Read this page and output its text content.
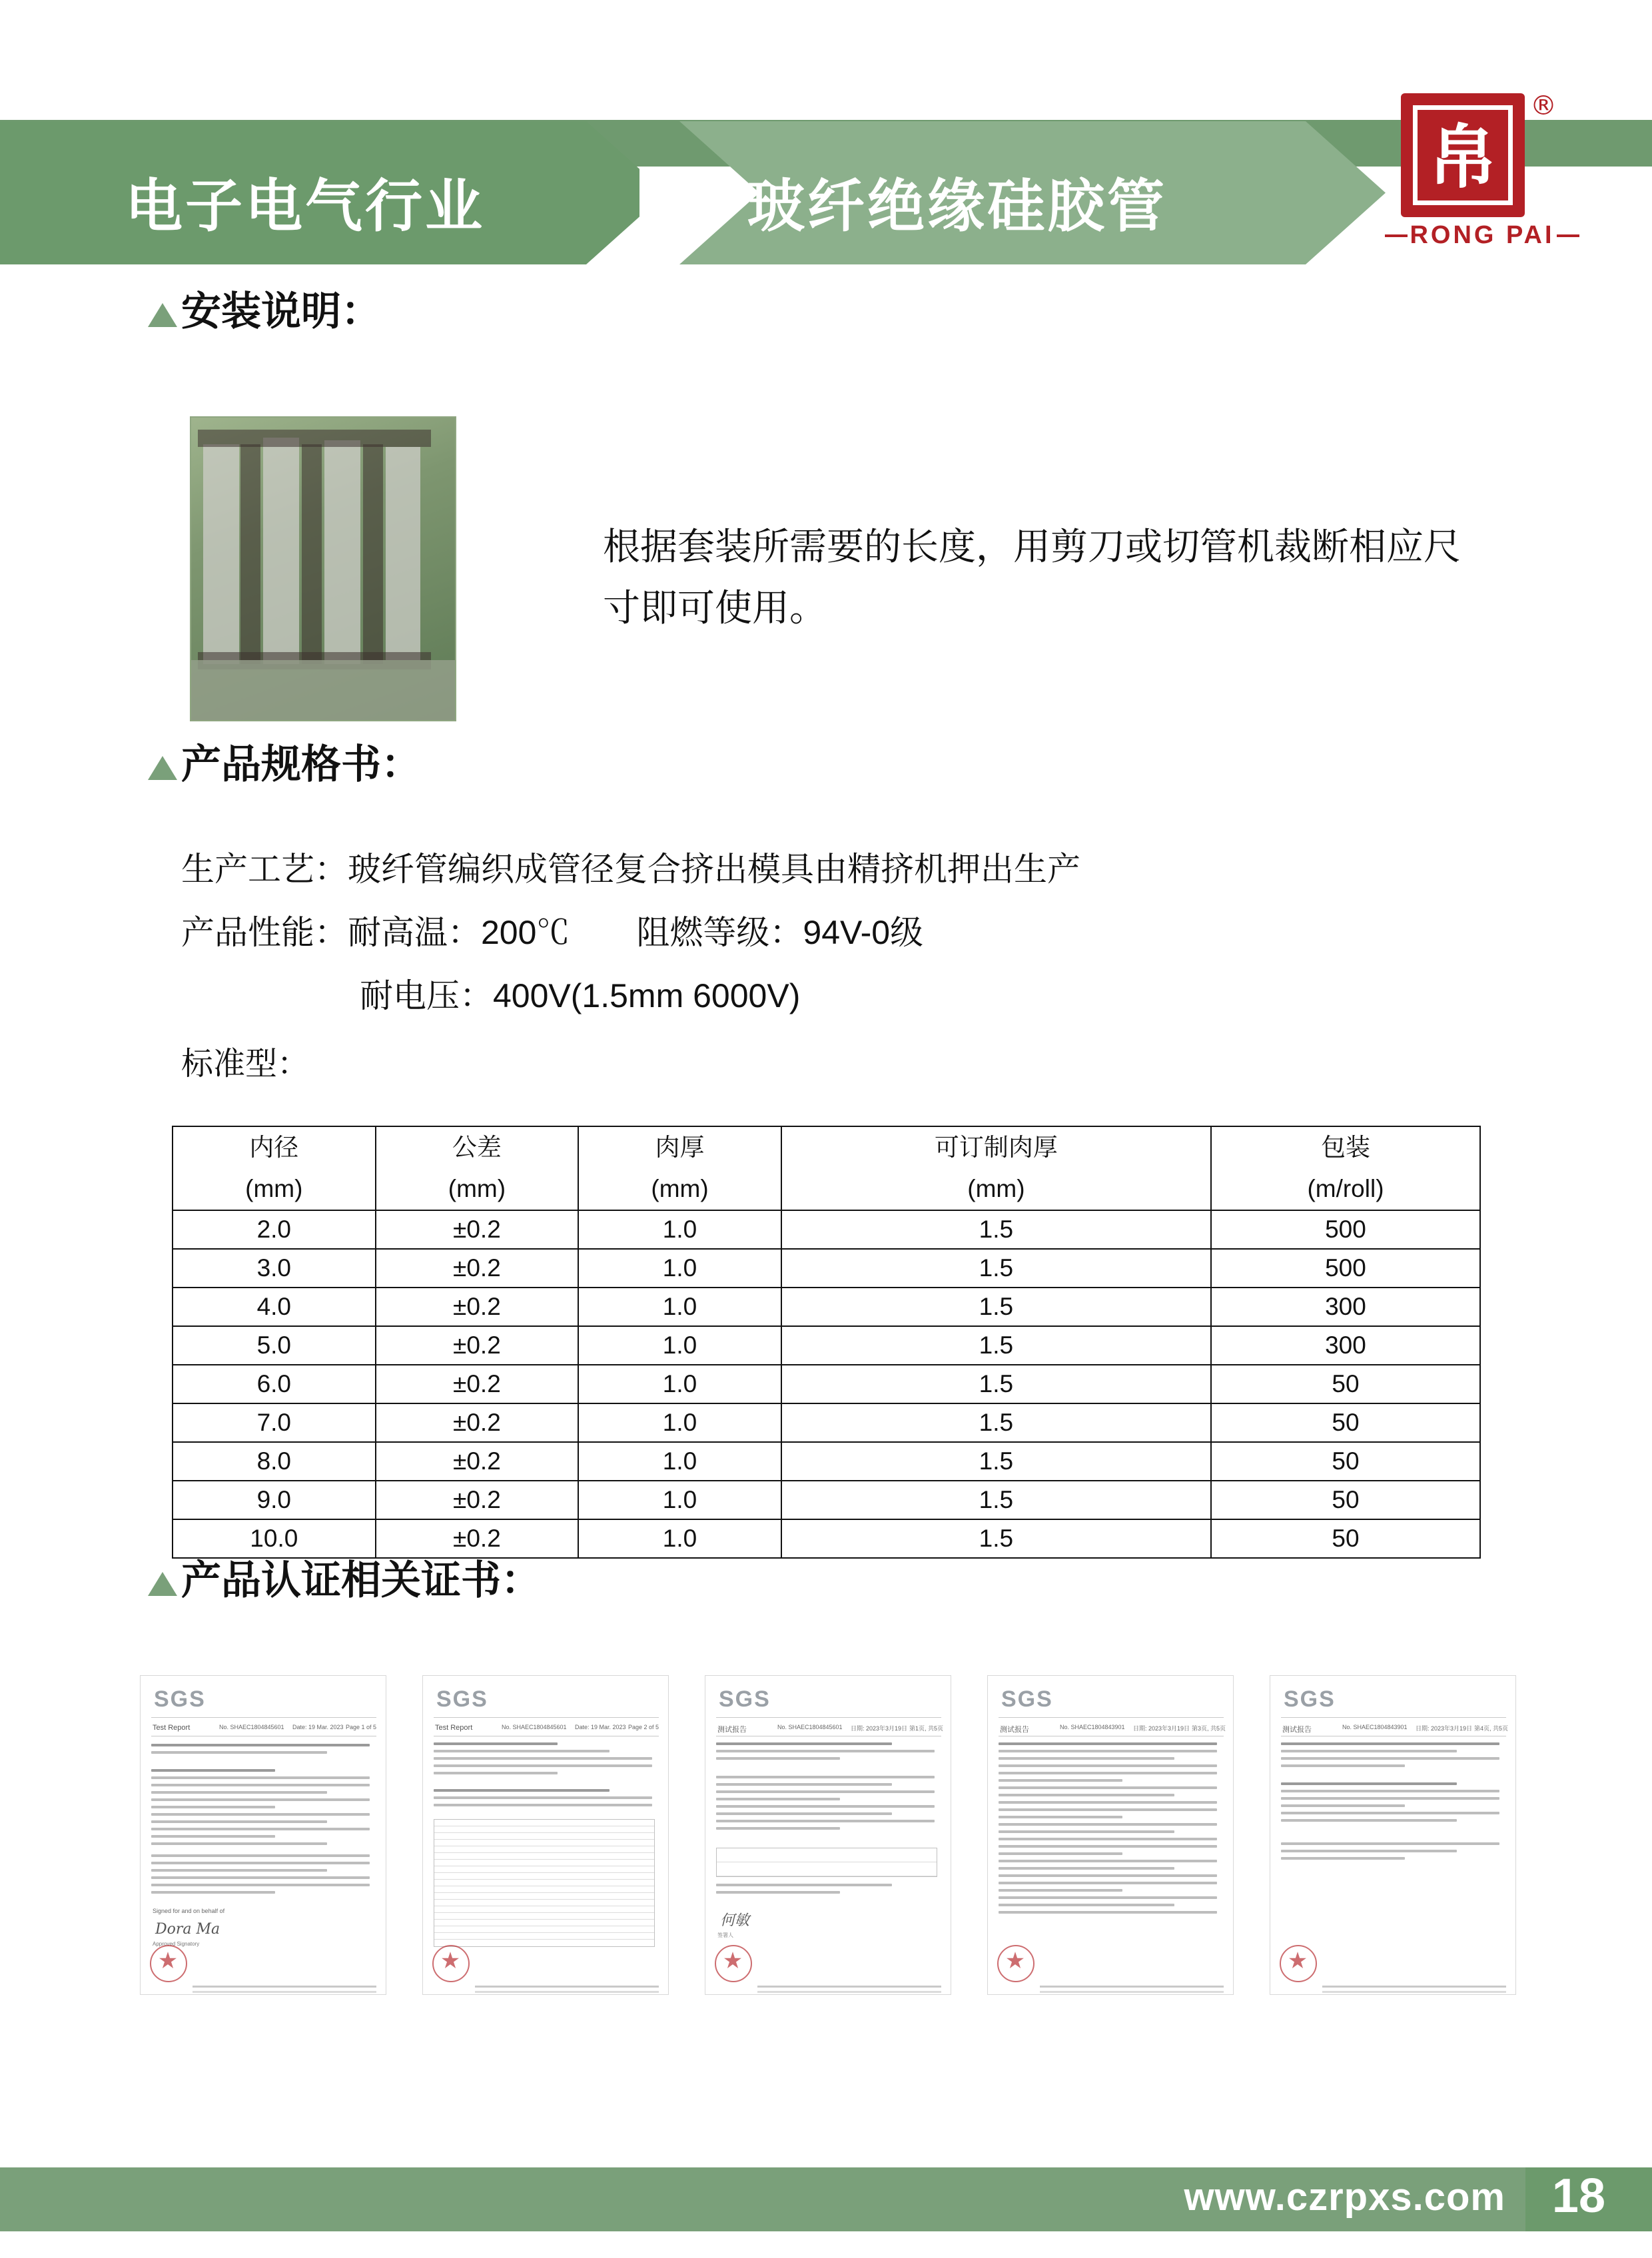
电子电气行业	玻纤绝缘硅胶管
帛
®
RONG PAI
安装说明：
根据套装所需要的长度，用剪刀或切管机裁断相应尺寸即可使用。
产品规格书：
生产工艺：玻纤管编织成管径复合挤出模具由精挤机押出生产
产品性能：耐高温：200℃　　阻燃等级：94V-0级
耐电压：400V(1.5mm 6000V)
标准型：
内径	公差	肉厚	可订制肉厚	包装
(mm)	(mm)	(mm)	(mm)	(m/roll)
2.0	±0.2	1.0	1.5	500
3.0	±0.2	1.0	1.5	500
4.0	±0.2	1.0	1.5	300
5.0	±0.2	1.0	1.5	300
6.0	±0.2	1.0	1.5	50
7.0	±0.2	1.0	1.5	50
8.0	±0.2	1.0	1.5	50
9.0	±0.2	1.0	1.5	50
10.0	±0.2	1.0	1.5	50
产品认证相关证书：
SGS
Test Report	No. SHAEC1804845601 Date: 19 Mar. 2023 Page 1 of 5
Signed for and on behalf of
Dora Ma
Approved Signatory
★
SGS
Test Report	No. SHAEC1804845601 Date: 19 Mar. 2023 Page 2 of 5
★
SGS
测试报告	No. SHAEC1804845601 日期: 2023年3月19日 第1页, 共5页
何敏
签署人
★
SGS
测试报告	No. SHAEC1804843901 日期: 2023年3月19日 第3页, 共5页
★
SGS
测试报告	No. SHAEC1804843901 日期: 2023年3月19日 第4页, 共5页
★
www.czrpxs.com 18
